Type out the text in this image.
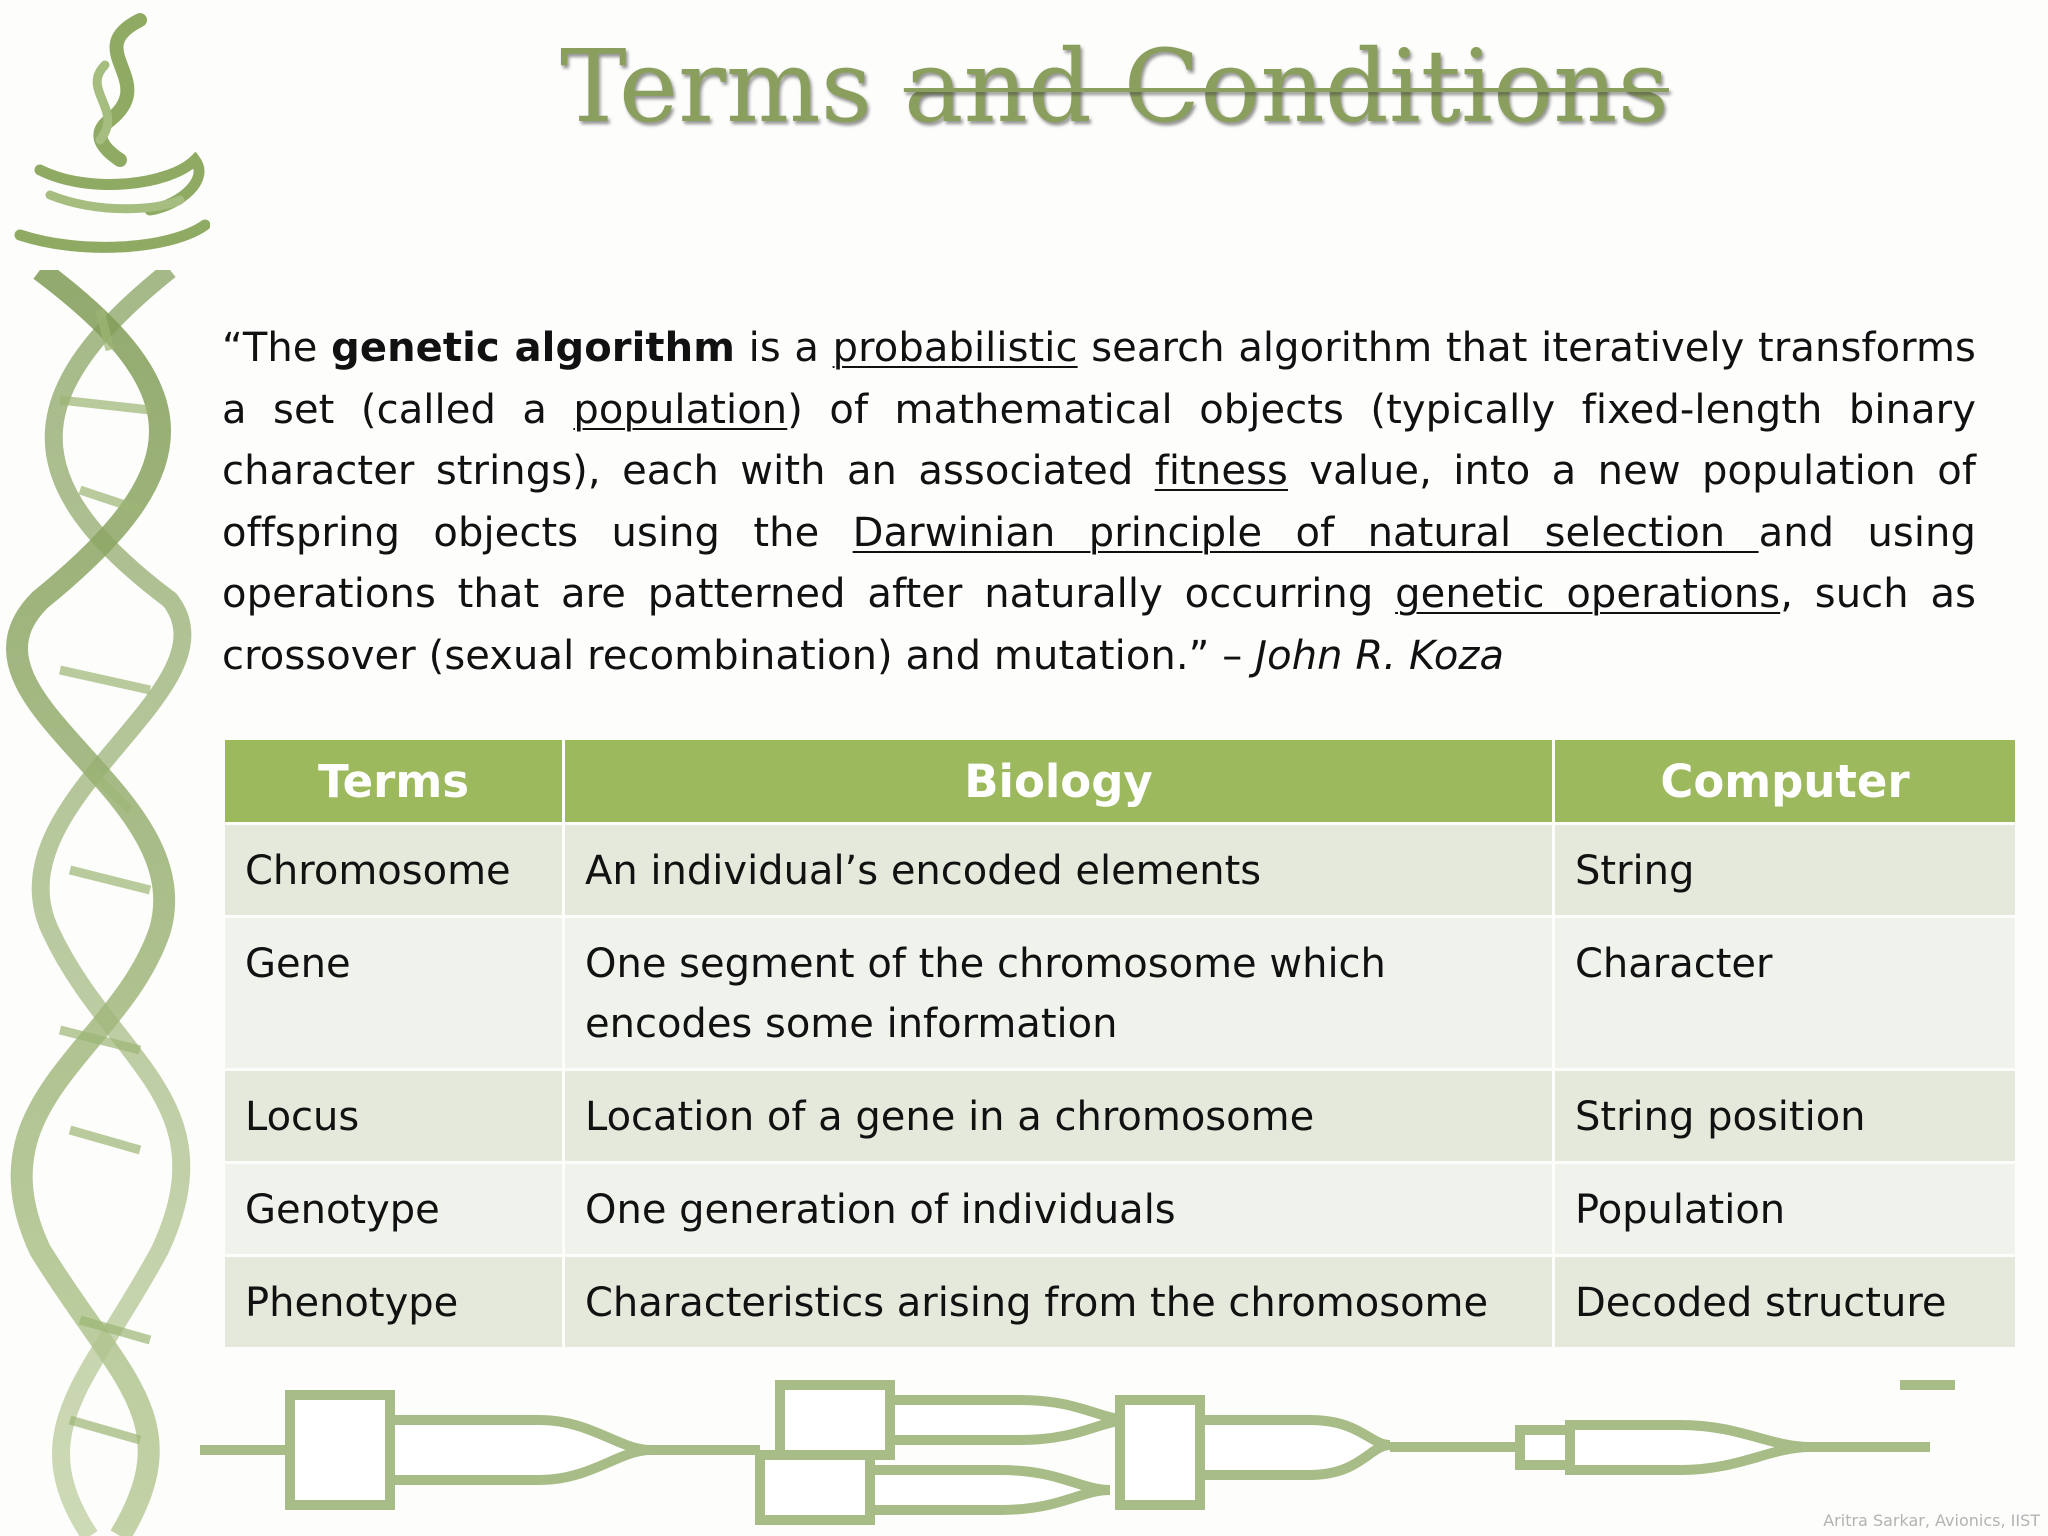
Terms and Conditions

“The genetic algorithm is a probabilistic search algorithm that iteratively transforms a set (called a population) of mathematical objects (typically fixed-length binary character strings), each with an associated fitness value, into a new population of offspring objects using the Darwinian principle of natural selection and using operations that are patterned after naturally occurring genetic operations, such as crossover (sexual recombination) and mutation.” – John R. Koza

Terms	Biology	Computer
Chromosome	An individual’s encoded elements	String
Gene	One segment of the chromosome which encodes some information	Character
Locus	Location of a gene in a chromosome	String position
Genotype	One generation of individuals	Population
Phenotype	Characteristics arising from the chromosome	Decoded structure
Aritra Sarkar, Avionics, IIST
